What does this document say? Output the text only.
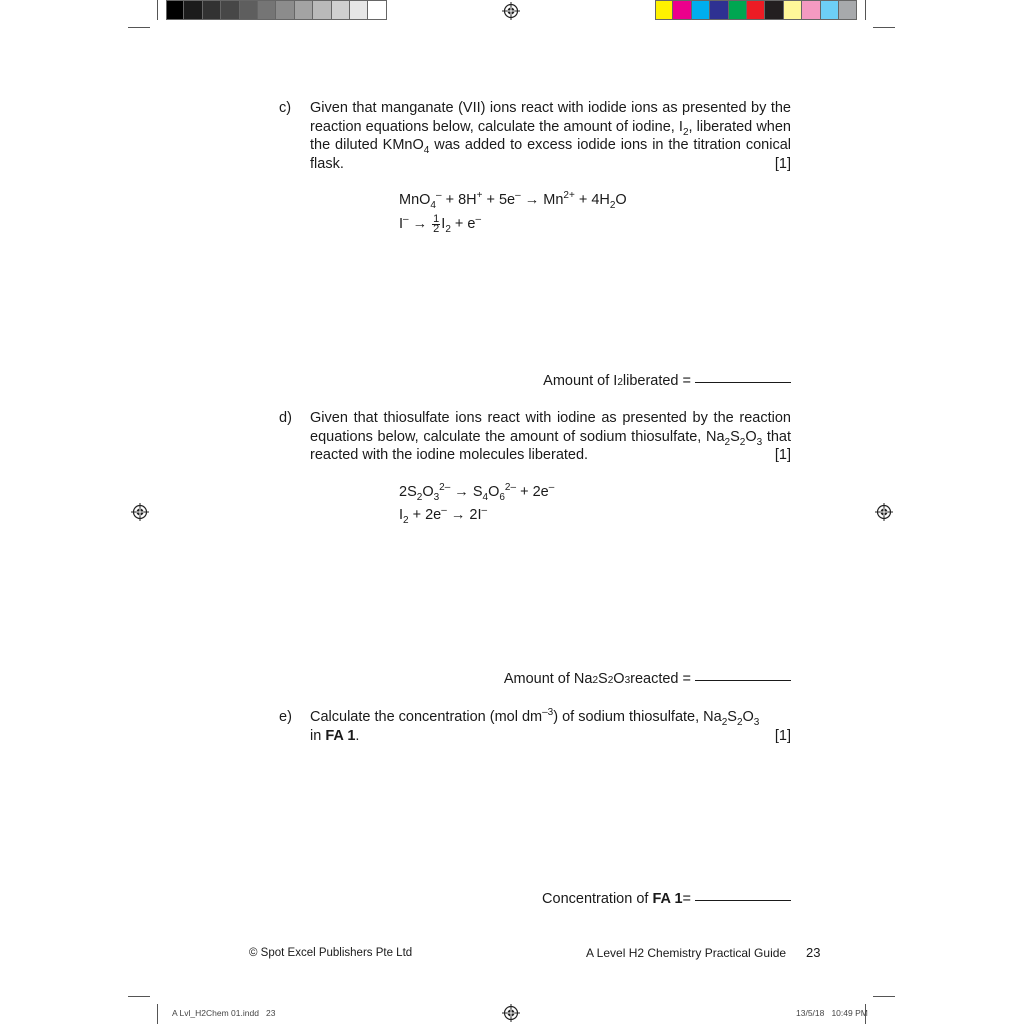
c) Given that manganate (VII) ions react with iodide ions as presented by the reaction equations below, calculate the amount of iodine, $I_2$, liberated when the diluted KMnO$_4$ was added to excess iodide ions in the titration conical flask.	[1]
$MnO_4^- + 8H^+ + 5e^- \to Mn^{2+} + 4H_2O$
$I^- \to \frac{1}{2} I_2 + e^-$
Amount of I 2 liberated =
d) Given that thiosulfate ions react with iodine as presented by the reaction equations below, calculate the amount of sodium thiosulfate, $Na_2S_2O_3$ that reacted with the iodine molecules liberated.	[1]
$2S_2O_3^{2-} \to S_4O_6^{2-} + 2e^-$
$I_2 + 2e^- \to 2I^-$
Amount of Na 2 S 2 O 3 reacted =
e) Calculate the concentration (mol $dm^{-3}$) of sodium thiosulfate, $Na_2S_2O_3$
in FA 1.	[1]
Concentration of FA 1 =
© Spot Excel Publishers Pte Ltd	A Level H2 Chemistry Practical Guide 23
A Lvl_H2Chem 01.indd   23	13/5/18   10:49 PM
